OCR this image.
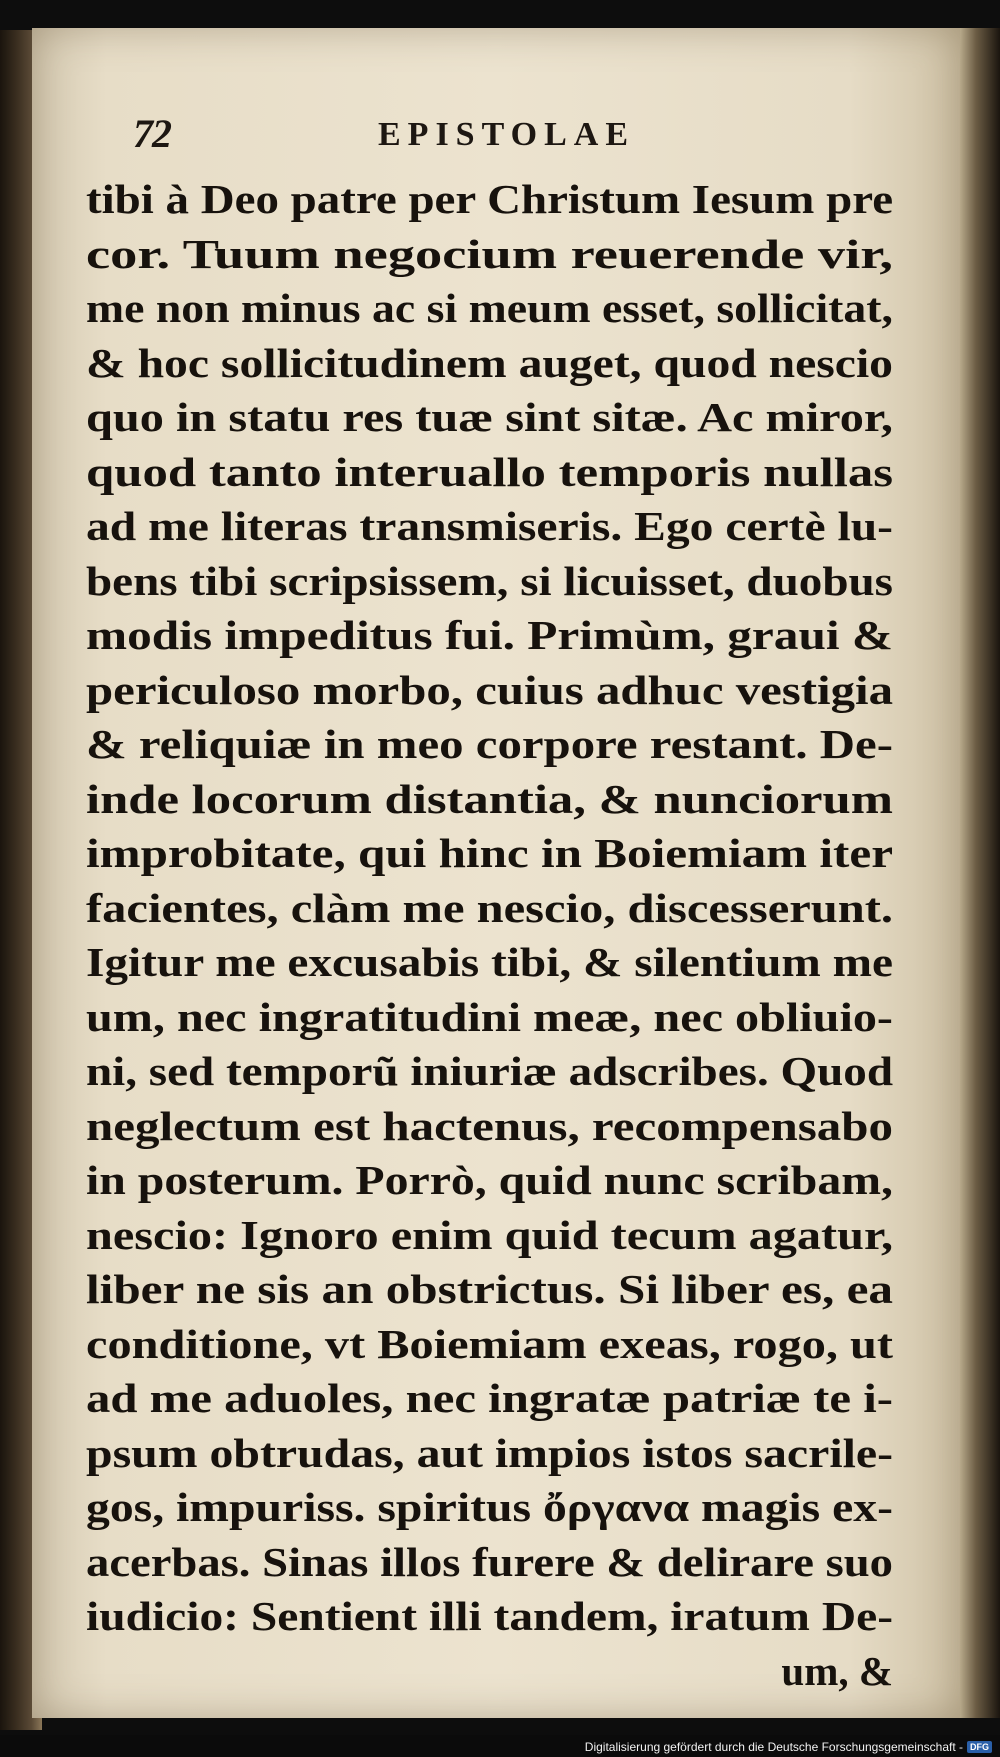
72	EPISTOLAE
tibi à Deo patre per Christum Iesum pre
cor. Tuum negocium reuerende vir,
me non minus ac si meum esset, sollicitat,
& hoc sollicitudinem auget, quod nescio
quo in statu res tuæ sint sitæ. Ac miror,
quod tanto interuallo temporis nullas
ad me literas transmiseris. Ego certè lu-
bens tibi scripsissem, si licuisset, duobus
modis impeditus fui. Primùm, graui &
periculoso morbo, cuius adhuc vestigia
& reliquiæ in meo corpore restant. De-
inde locorum distantia, & nunciorum
improbitate, qui hinc in Boiemiam iter
facientes, clàm me nescio, discesserunt.
Igitur me excusabis tibi, & silentium me
um, nec ingratitudini meæ, nec obliuio-
ni, sed temporũ iniuriæ adscribes. Quod
neglectum est hactenus, recompensabo
in posterum. Porrò, quid nunc scribam,
nescio: Ignoro enim quid tecum agatur,
liber ne sis an obstrictus. Si liber es, ea
conditione, vt Boiemiam exeas, rogo, ut
ad me aduoles, nec ingratæ patriæ te i-
psum obtrudas, aut impios istos sacrile-
gos, impuriss. spiritus ὄργανα magis ex-
acerbas. Sinas illos furere & delirare suo
iudicio: Sentient illi tandem, iratum De-
um, &
Digitalisierung gefördert durch die Deutsche Forschungsgemeinschaft - DFG
